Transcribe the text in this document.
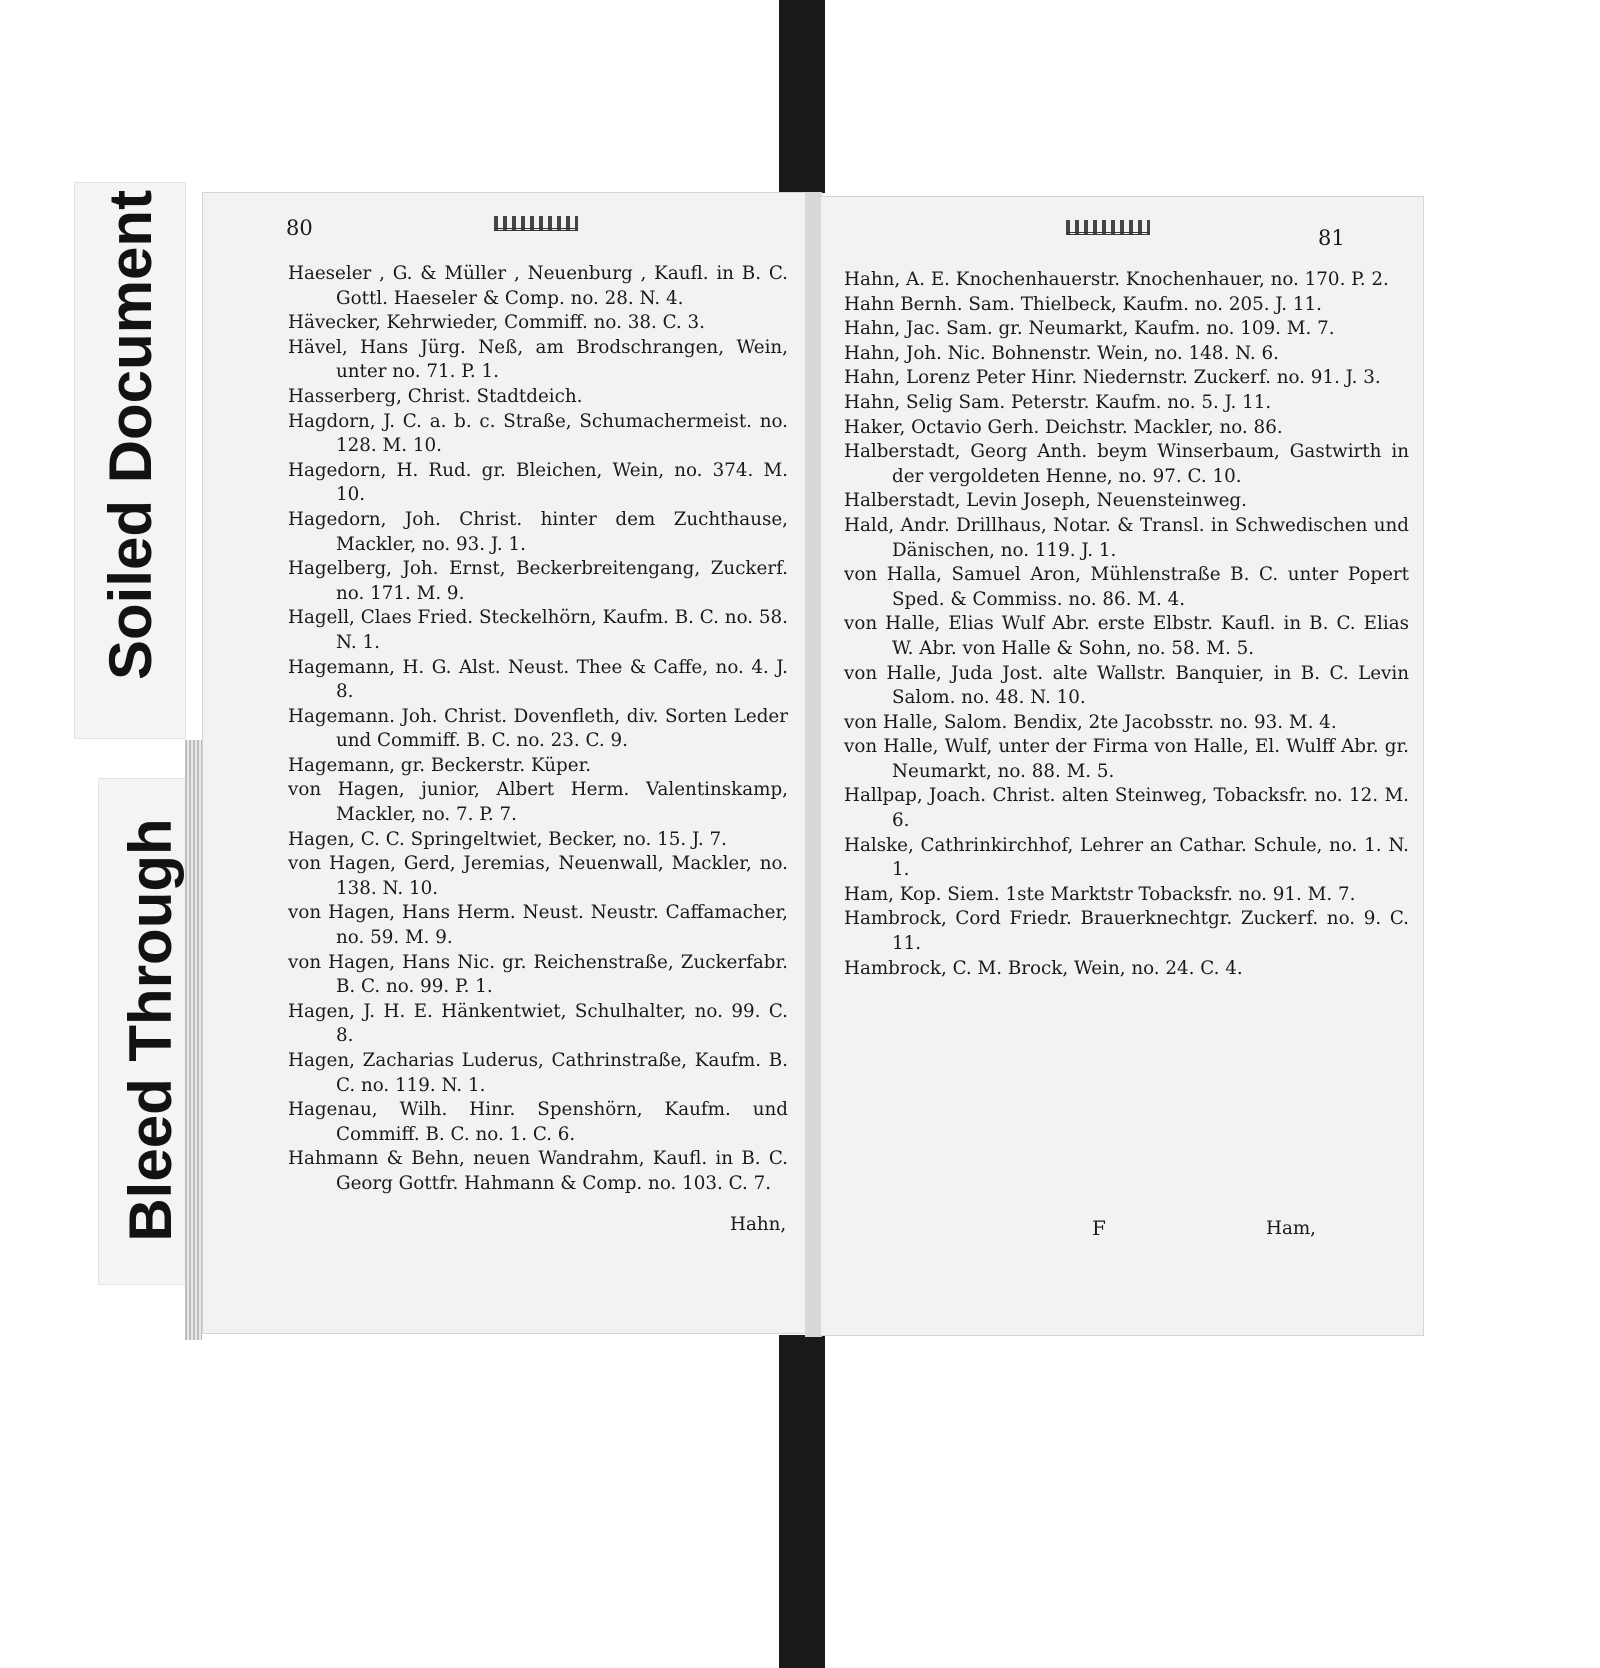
Soiled Document
Bleed Through
80

Haeseler , G. & Müller , Neuenburg , Kaufl. in B. C. Gottl. Haeseler & Comp. no. 28. N. 4.

Hävecker, Kehrwieder, Commiff. no. 38. C. 3.

Hävel, Hans Jürg. Neß, am Brodschrangen, Wein, unter no. 71. P. 1.

Hasserberg, Christ. Stadtdeich.

Hagdorn, J. C. a. b. c. Straße, Schumachermeist. no. 128. M. 10.

Hagedorn, H. Rud. gr. Bleichen, Wein, no. 374. M. 10.

Hagedorn, Joh. Christ. hinter dem Zuchthause, Mackler, no. 93. J. 1.

Hagelberg, Joh. Ernst, Beckerbreitengang, Zuckerf. no. 171. M. 9.

Hagell, Claes Fried. Steckelhörn, Kaufm. B. C. no. 58. N. 1.

Hagemann, H. G. Alst. Neust. Thee & Caffe, no. 4. J. 8.

Hagemann. Joh. Christ. Dovenfleth, div. Sorten Leder und Commiff. B. C. no. 23. C. 9.

Hagemann, gr. Beckerstr. Küper.

von Hagen, junior, Albert Herm. Valentinskamp, Mackler, no. 7. P. 7.

Hagen, C. C. Springeltwiet, Becker, no. 15. J. 7.

von Hagen, Gerd, Jeremias, Neuenwall, Mackler, no. 138. N. 10.

von Hagen, Hans Herm. Neust. Neustr. Caffamacher, no. 59. M. 9.

von Hagen, Hans Nic. gr. Reichenstraße, Zuckerfabr. B. C. no. 99. P. 1.

Hagen, J. H. E. Hänkentwiet, Schulhalter, no. 99. C. 8.

Hagen, Zacharias Luderus, Cathrinstraße, Kaufm. B. C. no. 119. N. 1.

Hagenau, Wilh. Hinr. Spenshörn, Kaufm. und Commiff. B. C. no. 1. C. 6.

Hahmann & Behn, neuen Wandrahm, Kaufl. in B. C. Georg Gottfr. Hahmann & Comp. no. 103. C. 7.

Hahn,
81

Hahn, A. E. Knochenhauerstr. Knochenhauer, no. 170. P. 2.

Hahn Bernh. Sam. Thielbeck, Kaufm. no. 205. J. 11.

Hahn, Jac. Sam. gr. Neumarkt, Kaufm. no. 109. M. 7.

Hahn, Joh. Nic. Bohnenstr. Wein, no. 148. N. 6.

Hahn, Lorenz Peter Hinr. Niedernstr. Zuckerf. no. 91. J. 3.

Hahn, Selig Sam. Peterstr. Kaufm. no. 5. J. 11.

Haker, Octavio Gerh. Deichstr. Mackler, no. 86.

Halberstadt, Georg Anth. beym Winserbaum, Gastwirth in der vergoldeten Henne, no. 97. C. 10.

Halberstadt, Levin Joseph, Neuensteinweg.

Hald, Andr. Drillhaus, Notar. & Transl. in Schwedischen und Dänischen, no. 119. J. 1.

von Halla, Samuel Aron, Mühlenstraße B. C. unter Popert Sped. & Commiss. no. 86. M. 4.

von Halle, Elias Wulf Abr. erste Elbstr. Kaufl. in B. C. Elias W. Abr. von Halle & Sohn, no. 58. M. 5.

von Halle, Juda Jost. alte Wallstr. Banquier, in B. C. Levin Salom. no. 48. N. 10.

von Halle, Salom. Bendix, 2te Jacobsstr. no. 93. M. 4.

von Halle, Wulf, unter der Firma von Halle, El. Wulff Abr. gr. Neumarkt, no. 88. M. 5.

Hallpap, Joach. Christ. alten Steinweg, Tobacksfr. no. 12. M. 6.

Halske, Cathrinkirchhof, Lehrer an Cathar. Schule, no. 1. N. 1.

Ham, Kop. Siem. 1ste Marktstr Tobacksfr. no. 91. M. 7.

Hambrock, Cord Friedr. Brauerknechtgr. Zuckerf. no. 9. C. 11.

Hambrock, C. M. Brock, Wein, no. 24. C. 4.

F	Ham,
